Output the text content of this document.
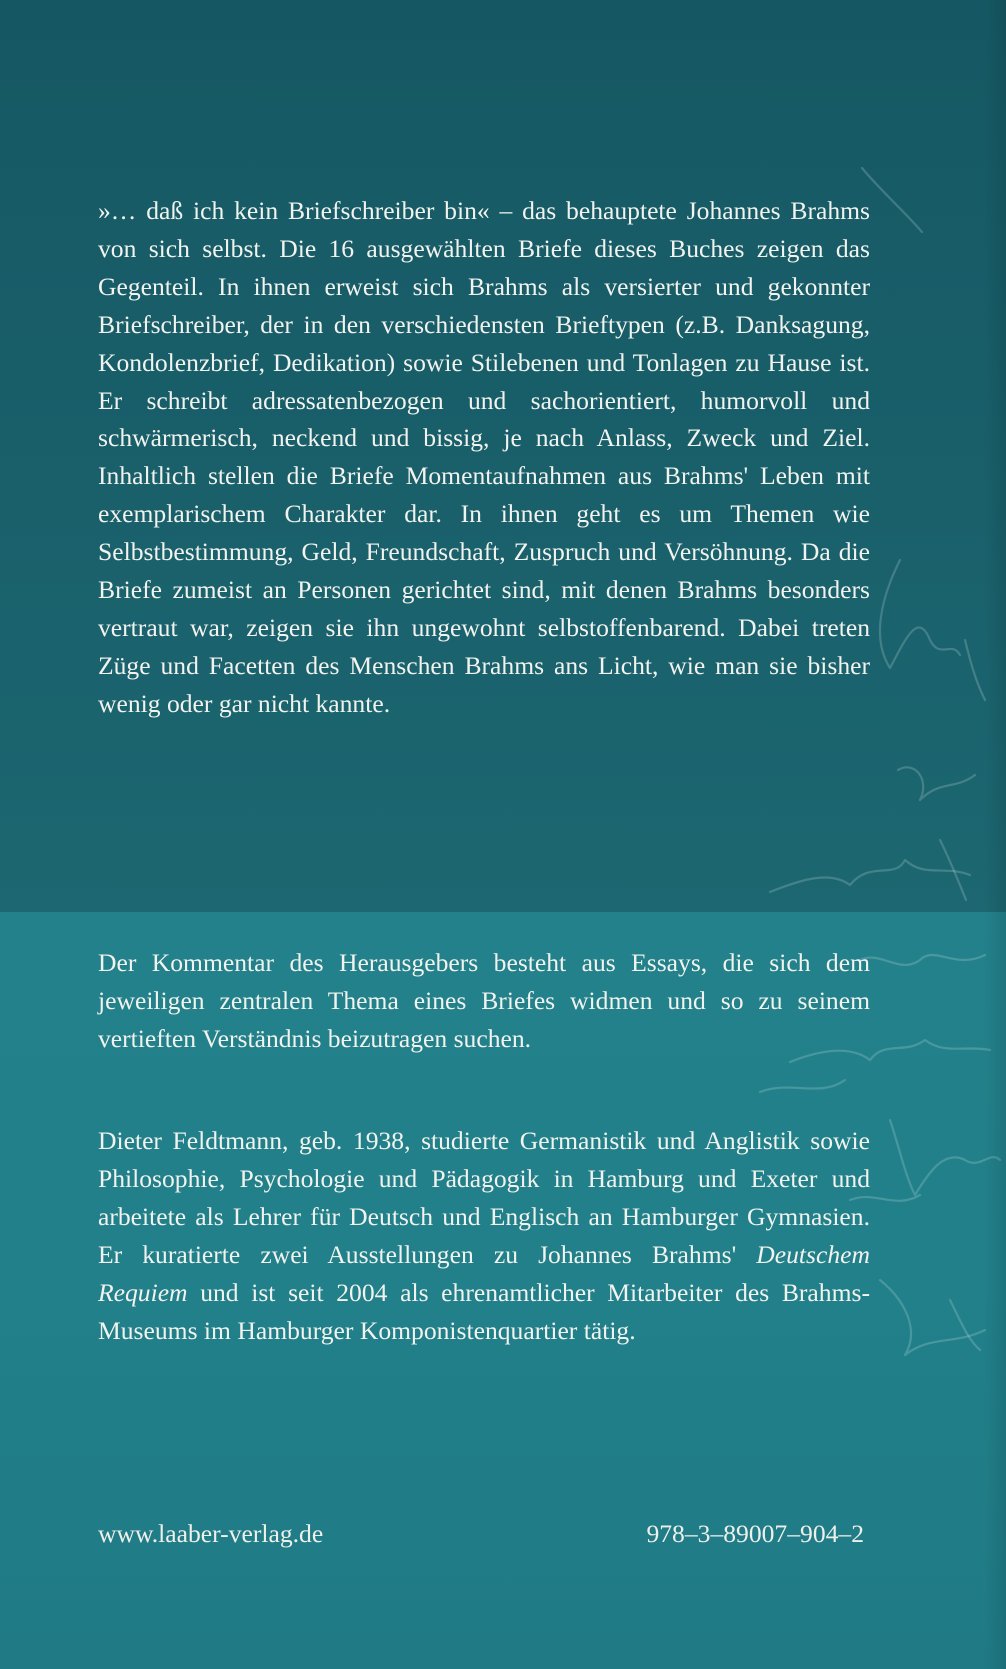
»… daß ich kein Briefschreiber bin« – das behauptete Johannes Brahms von sich selbst. Die 16 ausgewählten Briefe dieses Buches zeigen das Gegenteil. In ihnen erweist sich Brahms als versierter und gekonnter Briefschreiber, der in den verschiedensten Brieftypen (z.B. Danksagung, Kondolenzbrief, Dedikation) sowie Stilebenen und Tonlagen zu Hause ist. Er schreibt adressatenbezogen und sachorientiert, humorvoll und schwärmerisch, neckend und bissig, je nach Anlass, Zweck und Ziel. Inhaltlich stellen die Briefe Momentaufnahmen aus Brahms' Leben mit exemplarischem Charakter dar. In ihnen geht es um Themen wie Selbstbestimmung, Geld, Freundschaft, Zuspruch und Versöhnung. Da die Briefe zumeist an Personen gerichtet sind, mit denen Brahms besonders vertraut war, zeigen sie ihn ungewohnt selbstoffenbarend. Dabei treten Züge und Facetten des Menschen Brahms ans Licht, wie man sie bisher wenig oder gar nicht kannte.

Der Kommentar des Herausgebers besteht aus Essays, die sich dem jeweiligen zentralen Thema eines Briefes widmen und so zu seinem vertieften Verständnis beizutragen suchen.

Dieter Feldtmann, geb. 1938, studierte Germanistik und Anglistik sowie Philosophie, Psychologie und Pädagogik in Hamburg und Exeter und arbeitete als Lehrer für Deutsch und Englisch an Hamburger Gymnasien. Er kuratierte zwei Ausstellungen zu Johannes Brahms' Deutschem Requiem und ist seit 2004 als ehrenamtlicher Mitarbeiter des Brahms-Museums im Hamburger Komponistenquartier tätig.

www.laaber-verlag.de	978–3–89007–904–2
